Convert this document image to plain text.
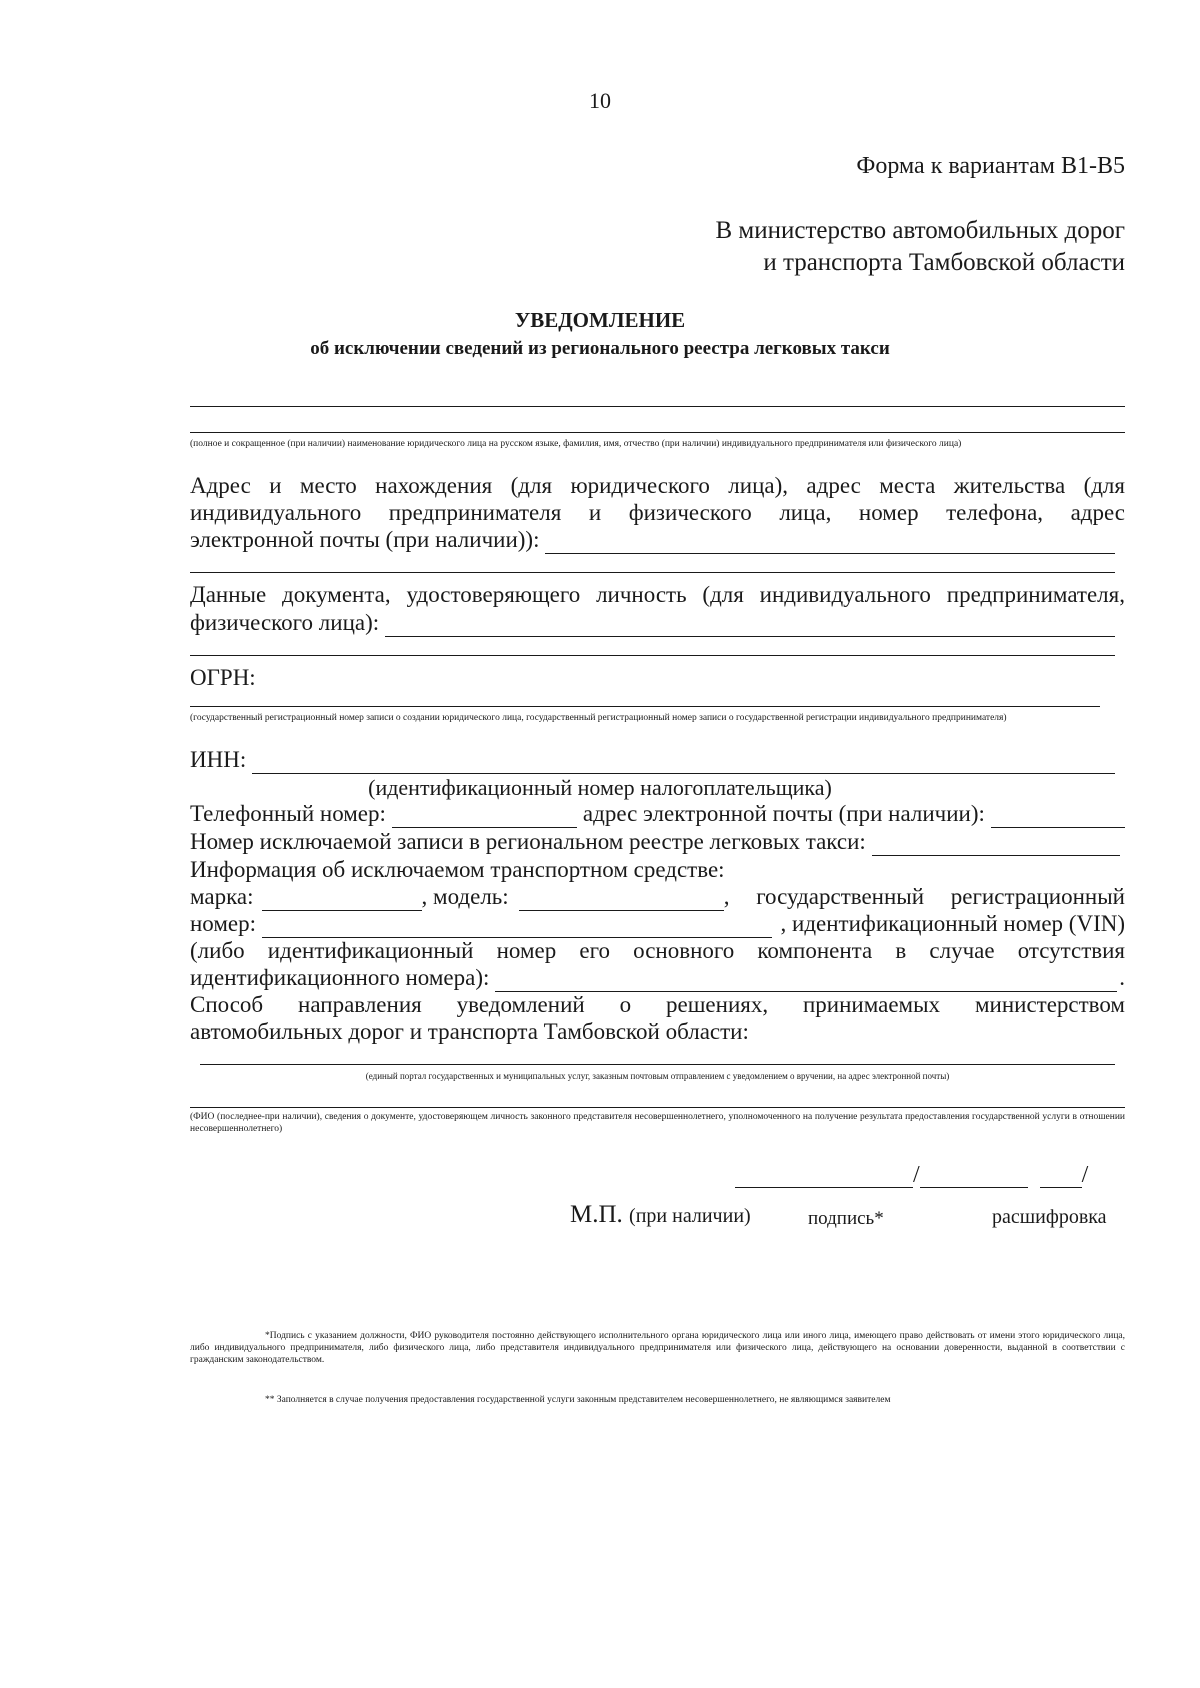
10
Форма к вариантам В1-В5
В министерство автомобильных дорог
и транспорта Тамбовской области
УВЕДОМЛЕНИЕ
об исключении сведений из регионального реестра легковых такси
(полное и сокращенное (при наличии) наименование юридического лица на русском языке, фамилия, имя, отчество (при наличии) индивидуального предпринимателя или физического лица)
Адрес и место нахождения (для юридического лица), адрес места жительства (для
индивидуального предпринимателя и физического лица, номер телефона, адрес
электронной почты (при наличии)):
Данные документа, удостоверяющего личность (для индивидуального предпринимателя,
физического лица):
ОГРН:
(государственный регистрационный номер записи о создании юридического лица, государственный регистрационный номер записи о государственной регистрации индивидуального предпринимателя)
ИНН:
(идентификационный номер налогоплательщика)
Телефонный номер:	адрес электронной почты (при наличии):
Номер исключаемой записи в региональном реестре легковых такси:
Информация об исключаемом транспортном средстве:
марка:	, модель:	, государственный регистрационный
номер:	, идентификационный номер (VIN)
(либо идентификационный номер его основного компонента в случае отсутствия
идентификационного номера):	.
Способ направления уведомлений о решениях, принимаемых министерством
автомобильных дорог и транспорта Тамбовской области:
(единый портал государственных и муниципальных услуг, заказным почтовым отправлением с уведомлением о вручении, на адрес электронной почты)
(ФИО (последнее-при наличии), сведения о документе, удостоверяющем личность законного представителя несовершеннолетнего, уполномоченного на получение результата предоставления государственной услуги в отношении несовершеннолетнего)
/	/
М.П. (при наличии)	подпись*	расшифровка
*Подпись с указанием должности, ФИО руководителя постоянно действующего исполнительного органа юридического лица или иного лица, имеющего право действовать от имени этого юридического лица, либо индивидуального предпринимателя, либо физического лица, либо представителя индивидуального предпринимателя или физического лица, действующего на основании доверенности, выданной в соответствии с гражданским законодательством.
** Заполняется в случае получения предоставления государственной услуги законным представителем несовершеннолетнего, не являющимся заявителем
